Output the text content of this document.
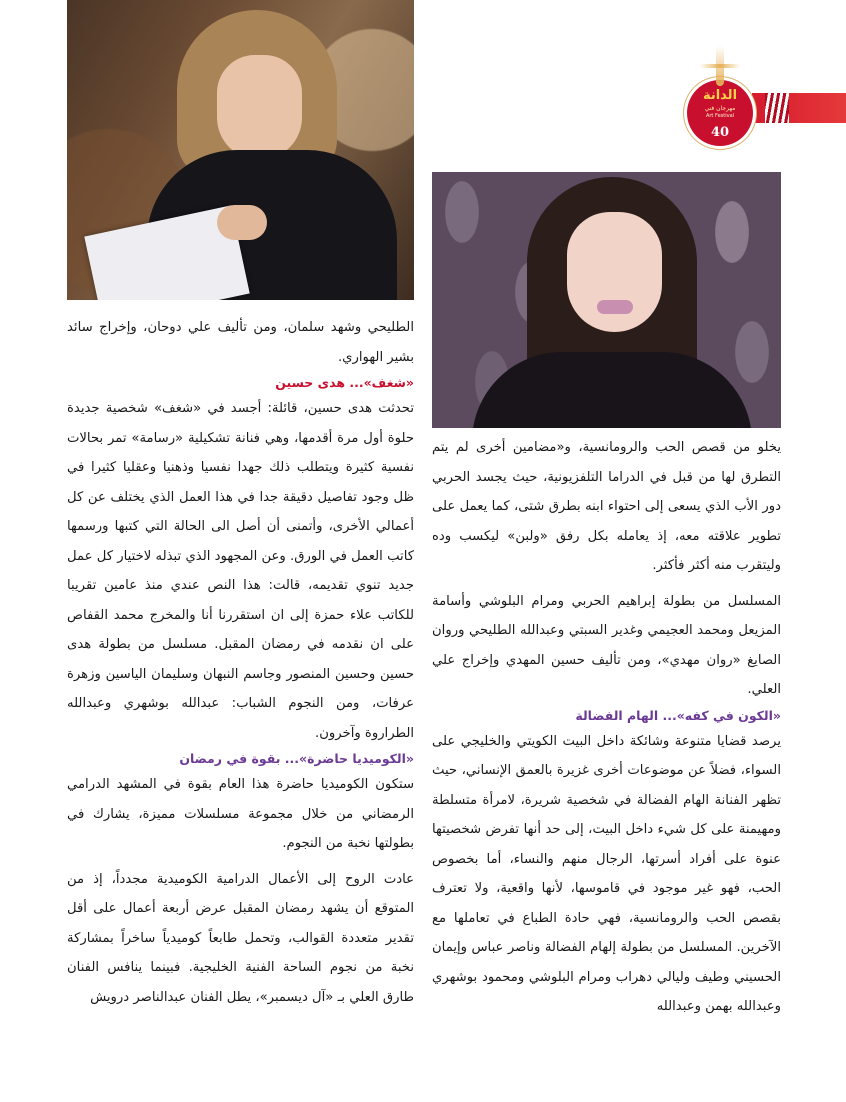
الدانة
مهرجان فني
Art Festival
40

الطليحي وشهد سلمان، ومن تأليف علي دوحان، وإخراج سائد بشير الهواري.

«شغف»... هدى حسين

تحدثت هدى حسين، قائلة: أجسد في «شغف» شخصية جديدة حلوة أول مرة أقدمها، وهي فنانة تشكيلية «رسامة» تمر بحالات نفسية كثيرة ويتطلب ذلك جهدا نفسيا وذهنيا وعقليا كثيرا في ظل وجود تفاصيل دقيقة جدا في هذا العمل الذي يختلف عن كل أعمالي الأخرى، وأتمنى أن أصل الى الحالة التي كتبها ورسمها كاتب العمل في الورق. وعن المجهود الذي تبذله لاختيار كل عمل جديد تنوي تقديمه، قالت: هذا النص عندي منذ عامين تقريبا للكاتب علاء حمزة إلى ان استقررنا أنا والمخرج محمد القفاص على ان نقدمه في رمضان المقبل. مسلسل من بطولة هدى حسين وحسين المنصور وجاسم النبهان وسليمان الياسين وزهرة عرفات، ومن النجوم الشباب: عبدالله بوشهري وعبدالله الطراروة وآخرون.

«الكوميديا حاضرة»... بقوة في رمضان

ستكون الكوميديا حاضرة هذا العام بقوة في المشهد الدرامي الرمضاني من خلال مجموعة مسلسلات مميزة، يشارك في بطولتها نخبة من النجوم.

عادت الروح إلى الأعمال الدرامية الكوميدية مجدداً، إذ من المتوقع أن يشهد رمضان المقبل عرض أربعة أعمال على أقل تقدير متعددة القوالب، وتحمل طابعاً كوميدياً ساخراً بمشاركة نخبة من نجوم الساحة الفنية الخليجية. فبينما ينافس الفنان طارق العلي بـ «آل ديسمبر»، يطل الفنان عبدالناصر درويش

يخلو من قصص الحب والرومانسية، و«مضامين أخرى لم يتم التطرق لها من قبل في الدراما التلفزيونية، حيث يجسد الحربي دور الأب الذي يسعى إلى احتواء ابنه بطرق شتى، كما يعمل على تطوير علاقته معه، إذ يعامله بكل رفق «ولبن» ليكسب وده وليتقرب منه أكثر فأكثر.

المسلسل من بطولة إبراهيم الحربي ومرام البلوشي وأسامة المزيعل ومحمد العجيمي وغدير السبتي وعبدالله الطليحي وروان الصايغ «روان مهدي»، ومن تأليف حسين المهدي وإخراج علي العلي.

«الكون في كفه»... الهام الفضالة

يرصد قضايا متنوعة وشائكة داخل البيت الكويتي والخليجي على السواء، فضلاً عن موضوعات أخرى غزيرة بالعمق الإنساني، حيث تظهر الفنانة الهام الفضالة في شخصية شريرة، لامرأة متسلطة ومهيمنة على كل شيء داخل البيت، إلى حد أنها تفرض شخصيتها عنوة على أفراد أسرتها، الرجال منهم والنساء، أما بخصوص الحب، فهو غير موجود في قاموسها، لأنها واقعية، ولا تعترف بقصص الحب والرومانسية، فهي حادة الطباع في تعاملها مع الآخرين. المسلسل من بطولة إلهام الفضالة وناصر عباس وإيمان الحسيني وطيف وليالي دهراب ومرام البلوشي ومحمود بوشهري وعبدالله بهمن وعبدالله
